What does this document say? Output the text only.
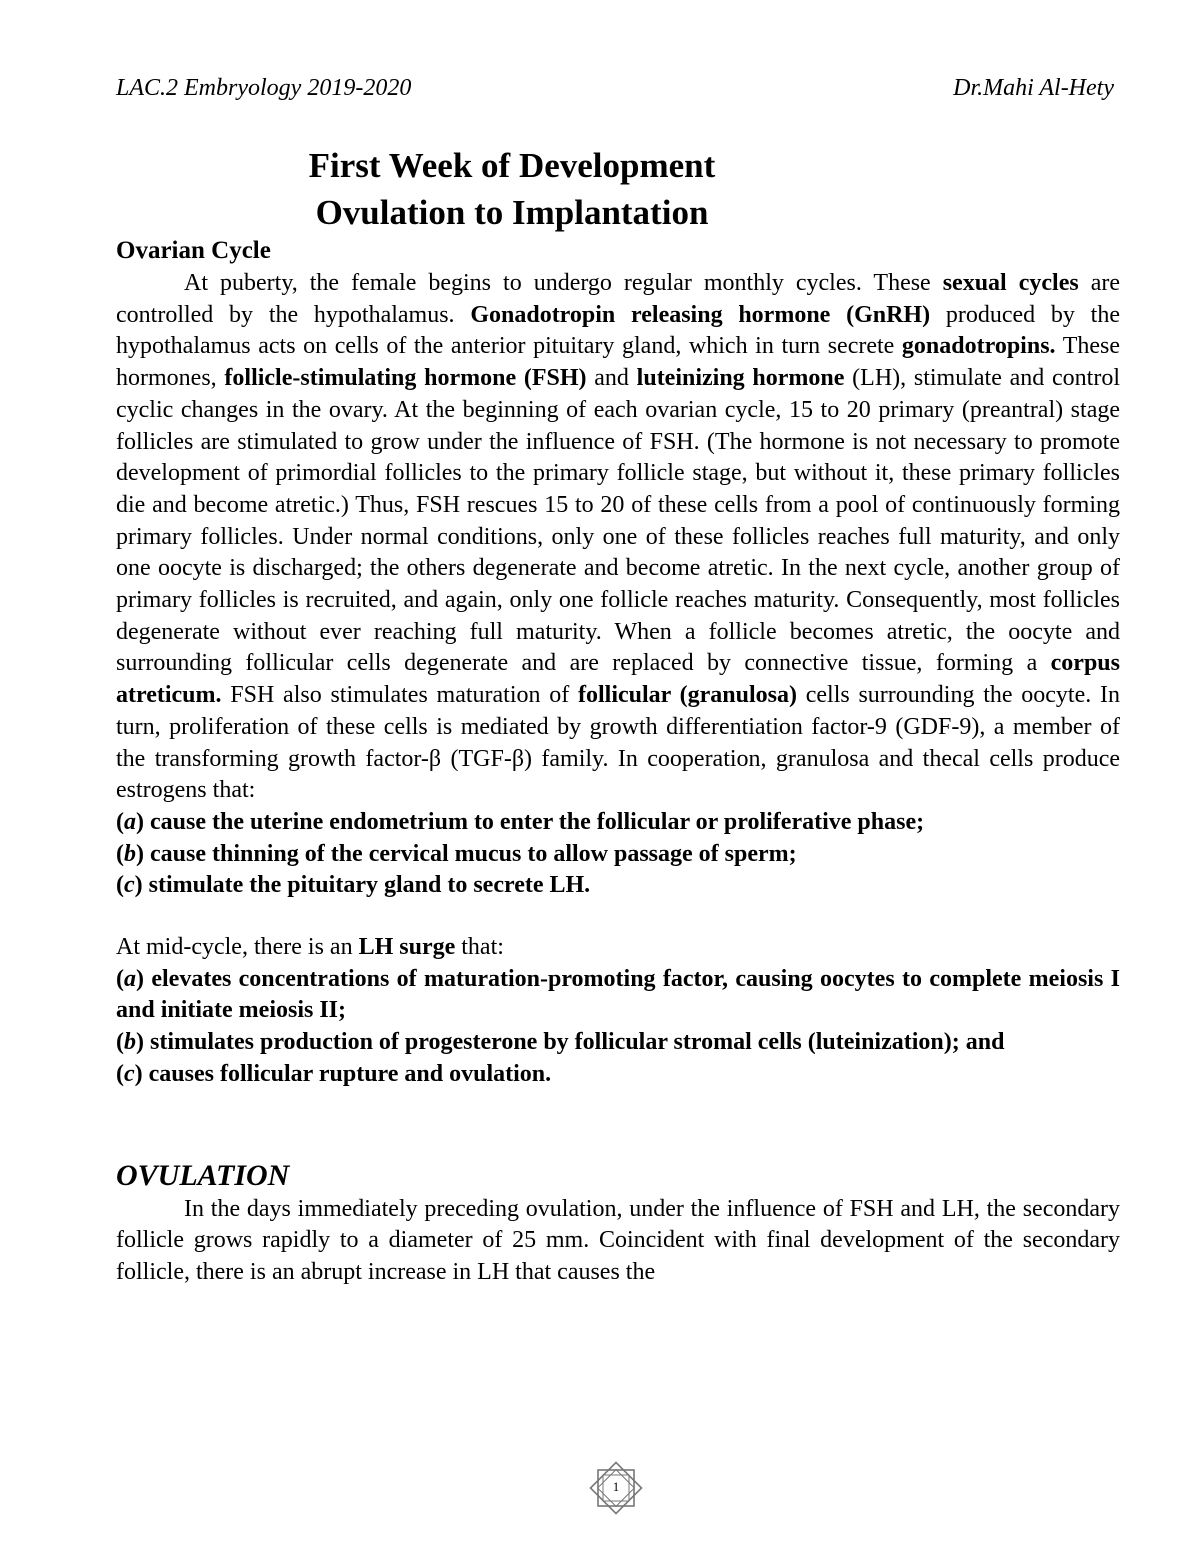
LAC.2 Embryology 2019-2020	Dr.Mahi Al-Hety
First Week of Development
Ovulation to Implantation
Ovarian Cycle

At puberty, the female begins to undergo regular monthly cycles. These sexual cycles are controlled by the hypothalamus. Gonadotropin releasing hormone (GnRH) produced by the hypothalamus acts on cells of the anterior pituitary gland, which in turn secrete gonadotropins. These hormones, follicle-stimulating hormone (FSH) and luteinizing hormone (LH), stimulate and control cyclic changes in the ovary. At the beginning of each ovarian cycle, 15 to 20 primary (preantral) stage follicles are stimulated to grow under the influence of FSH. (The hormone is not necessary to promote development of primordial follicles to the primary follicle stage, but without it, these primary follicles die and become atretic.) Thus, FSH rescues 15 to 20 of these cells from a pool of continuously forming primary follicles. Under normal conditions, only one of these follicles reaches full maturity, and only one oocyte is discharged; the others degenerate and become atretic. In the next cycle, another group of primary follicles is recruited, and again, only one follicle reaches maturity. Consequently, most follicles degenerate without ever reaching full maturity. When a follicle becomes atretic, the oocyte and surrounding follicular cells degenerate and are replaced by connective tissue, forming a corpus atreticum. FSH also stimulates maturation of follicular (granulosa) cells surrounding the oocyte. In turn, proliferation of these cells is mediated by growth differentiation factor-9 (GDF-9), a member of the transforming growth factor-β (TGF-β) family. In cooperation, granulosa and thecal cells produce estrogens that:

(a) cause the uterine endometrium to enter the follicular or proliferative phase;

(b) cause thinning of the cervical mucus to allow passage of sperm;

(c) stimulate the pituitary gland to secrete LH.

At mid-cycle, there is an LH surge that:

(a) elevates concentrations of maturation-promoting factor, causing oocytes to complete meiosis I and initiate meiosis II;

(b) stimulates production of progesterone by follicular stromal cells (luteinization); and

(c) causes follicular rupture and ovulation.

OVULATION

In the days immediately preceding ovulation, under the influence of FSH and LH, the secondary follicle grows rapidly to a diameter of 25 mm. Coincident with final development of the secondary follicle, there is an abrupt increase in LH that causes the

1
